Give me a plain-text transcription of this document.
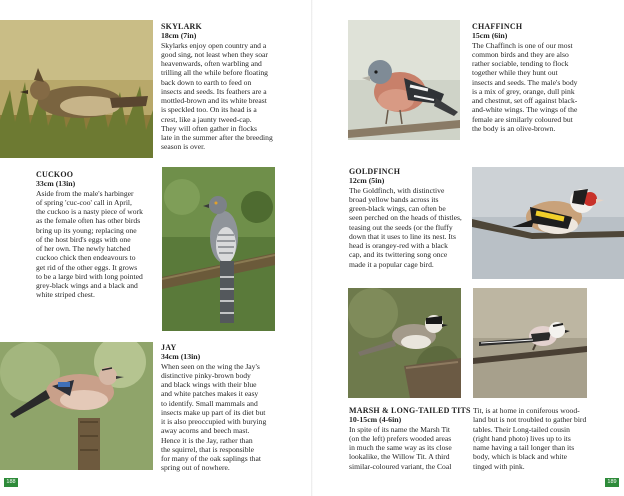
SKYLARK
18cm (7in)

Skylarks enjoy open country and a

good sing, not least when they soar

heavenwards, often warbling and

trilling all the while before floating

back down to earth to feed on

insects and seeds. Its feathers are a

mottled-brown and its white breast

is speckled too. On its head is a

crest, like a jaunty tweed-cap.

They will often gather in flocks

late in the summer after the breeding

season is over.

CUCKOO
33cm (13in)

Aside from the male's harbinger

of spring 'cuc-coo' call in April,

the cuckoo is a nasty piece of work

as the female often has other birds

bring up its young; replacing one

of the host bird's eggs with one

of her own. The newly hatched

cuckoo chick then endeavours to

get rid of the other eggs. It grows

to be a large bird with long pointed

grey-black wings and a black and

white striped chest.

JAY
34cm (13in)

When seen on the wing the Jay's

distinctive pinky-brown body

and black wings with their blue

and white patches makes it easy

to identify. Small mammals and

insects make up part of its diet but

it is also preoccupied with burying

away acorns and beech mast.

Hence it is the Jay, rather than

the squirrel, that is responsible

for many of the oak saplings that

spring out of nowhere.

188
CHAFFINCH
15cm (6in)

The Chaffinch is one of our most

common birds and they are also

rather sociable, tending to flock

together while they hunt out

insects and seeds. The male's body

is a mix of grey, orange, dull pink

and chestnut, set off against black-

and-white wings. The wings of the

female are similarly coloured but

the body is an olive-brown.

GOLDFINCH
12cm (5in)

The Goldfinch, with distinctive

broad yellow bands across its

green-black wings, can often be

seen perched on the heads of thistles,

teasing out the seeds (or the fluffy

down that it uses to line its nest. Its

head is orangey-red with a black

cap, and its twittering song once

made it a popular cage bird.

MARSH & LONG-TAILED TITS
10-15cm (4-6in)

In spite of its name the Marsh Tit

(on the left) prefers wooded areas

in much the same way as its close

lookalike, the Willow Tit. A third

similar-coloured variant, the Coal

Tit, is at home in coniferous wood-

land but is not troubled to gather bird

tables. Their Long-tailed cousin

(right hand photo) lives up to its

name having a tail longer than its

body, which is black and white

tinged with pink.

189
